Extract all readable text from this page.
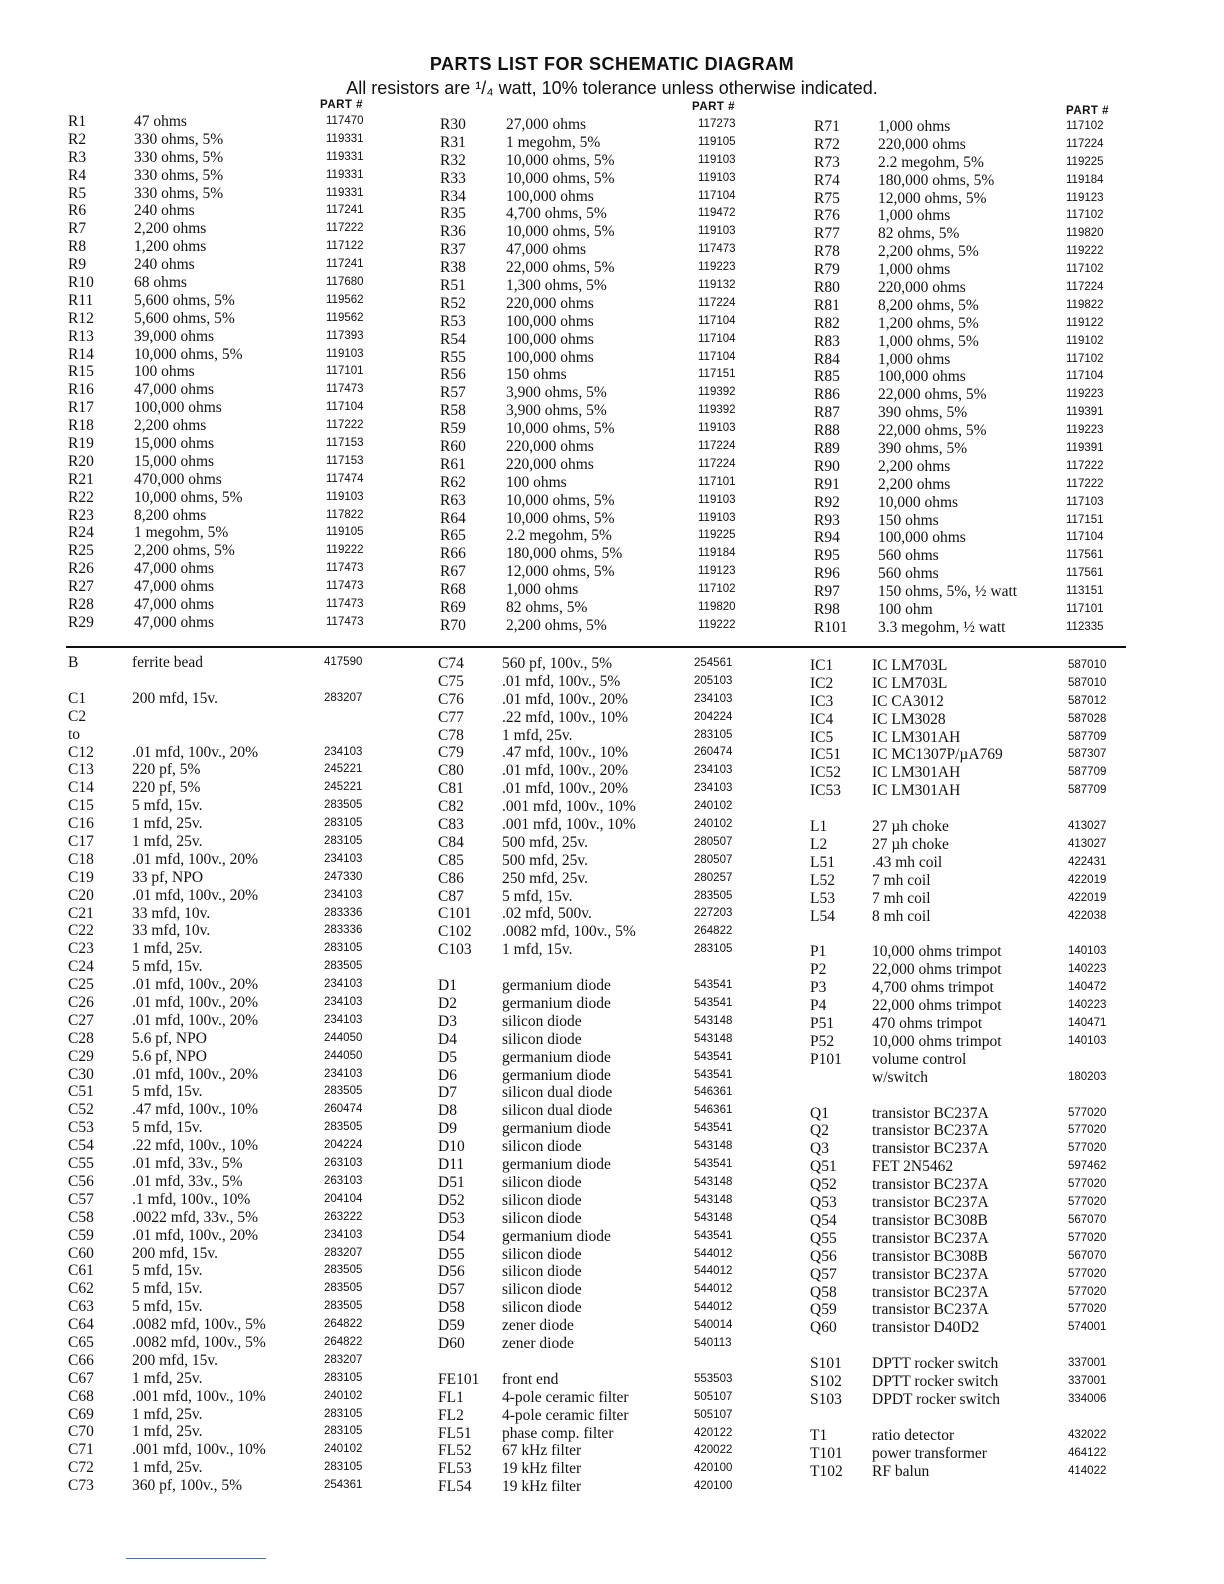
PARTS LIST FOR SCHEMATIC DIAGRAM
All resistors are ¹/₄ watt, 10% tolerance unless otherwise indicated.
PART #	PART #	PART #
R1	47 ohms	117470
R2	330 ohms, 5%	119331
R3	330 ohms, 5%	119331
R4	330 ohms, 5%	119331
R5	330 ohms, 5%	119331
R6	240 ohms	117241
R7	2,200 ohms	117222
R8	1,200 ohms	117122
R9	240 ohms	117241
R10	68 ohms	117680
R11	5,600 ohms, 5%	119562
R12	5,600 ohms, 5%	119562
R13	39,000 ohms	117393
R14	10,000 ohms, 5%	119103
R15	100 ohms	117101
R16	47,000 ohms	117473
R17	100,000 ohms	117104
R18	2,200 ohms	117222
R19	15,000 ohms	117153
R20	15,000 ohms	117153
R21	470,000 ohms	117474
R22	10,000 ohms, 5%	119103
R23	8,200 ohms	117822
R24	1 megohm, 5%	119105
R25	2,200 ohms, 5%	119222
R26	47,000 ohms	117473
R27	47,000 ohms	117473
R28	47,000 ohms	117473
R29	47,000 ohms	117473
R30	27,000 ohms	117273
R31	1 megohm, 5%	119105
R32	10,000 ohms, 5%	119103
R33	10,000 ohms, 5%	119103
R34	100,000 ohms	117104
R35	4,700 ohms, 5%	119472
R36	10,000 ohms, 5%	119103
R37	47,000 ohms	117473
R38	22,000 ohms, 5%	119223
R51	1,300 ohms, 5%	119132
R52	220,000 ohms	117224
R53	100,000 ohms	117104
R54	100,000 ohms	117104
R55	100,000 ohms	117104
R56	150 ohms	117151
R57	3,900 ohms, 5%	119392
R58	3,900 ohms, 5%	119392
R59	10,000 ohms, 5%	119103
R60	220,000 ohms	117224
R61	220,000 ohms	117224
R62	100 ohms	117101
R63	10,000 ohms, 5%	119103
R64	10,000 ohms, 5%	119103
R65	2.2 megohm, 5%	119225
R66	180,000 ohms, 5%	119184
R67	12,000 ohms, 5%	119123
R68	1,000 ohms	117102
R69	82 ohms, 5%	119820
R70	2,200 ohms, 5%	119222
R71 1,000 ohms	117102
R72 220,000 ohms	117224
R73 2.2 megohm, 5%	119225
R74 180,000 ohms, 5%	119184
R75 12,000 ohms, 5%	119123
R76 1,000 ohms	117102
R77 82 ohms, 5%	119820
R78 2,200 ohms, 5%	119222
R79 1,000 ohms	117102
R80 220,000 ohms	117224
R81 8,200 ohms, 5%	119822
R82 1,200 ohms, 5%	119122
R83 1,000 ohms, 5%	119102
R84 1,000 ohms	117102
R85 100,000 ohms	117104
R86 22,000 ohms, 5%	119223
R87 390 ohms, 5%	119391
R88 22,000 ohms, 5%	119223
R89 390 ohms, 5%	119391
R90 2,200 ohms	117222
R91 2,200 ohms	117222
R92 10,000 ohms	117103
R93 150 ohms	117151
R94 100,000 ohms	117104
R95 560 ohms	117561
R96 560 ohms	117561
R97 150 ohms, 5%, ½ watt	113151
R98 100 ohm	117101
R101 3.3 megohm, ½ watt	112335
B	ferrite bead	417590
C1	200 mfd, 15v.	283207
C2
to
C12 .01 mfd, 100v., 20%	234103
C13 220 pf, 5%	245221
C14 220 pf, 5%	245221
C15 5 mfd, 15v.	283505
C16 1 mfd, 25v.	283105
C17 1 mfd, 25v.	283105
C18 .01 mfd, 100v., 20%	234103
C19 33 pf, NPO	247330
C20 .01 mfd, 100v., 20%	234103
C21 33 mfd, 10v.	283336
C22 33 mfd, 10v.	283336
C23 1 mfd, 25v.	283105
C24 5 mfd, 15v.	283505
C25 .01 mfd, 100v., 20%	234103
C26 .01 mfd, 100v., 20%	234103
C27 .01 mfd, 100v., 20%	234103
C28 5.6 pf, NPO	244050
C29 5.6 pf, NPO	244050
C30 .01 mfd, 100v., 20%	234103
C51 5 mfd, 15v.	283505
C52 .47 mfd, 100v., 10%	260474
C53 5 mfd, 15v.	283505
C54 .22 mfd, 100v., 10%	204224
C55 .01 mfd, 33v., 5%	263103
C56 .01 mfd, 33v., 5%	263103
C57 .1 mfd, 100v., 10%	204104
C58 .0022 mfd, 33v., 5%	263222
C59 .01 mfd, 100v., 20%	234103
C60 200 mfd, 15v.	283207
C61 5 mfd, 15v.	283505
C62 5 mfd, 15v.	283505
C63 5 mfd, 15v.	283505
C64 .0082 mfd, 100v., 5%	264822
C65 .0082 mfd, 100v., 5%	264822
C66 200 mfd, 15v.	283207
C67 1 mfd, 25v.	283105
C68 .001 mfd, 100v., 10%	240102
C69 1 mfd, 25v.	283105
C70 1 mfd, 25v.	283105
C71 .001 mfd, 100v., 10%	240102
C72 1 mfd, 25v.	283105
C73 360 pf, 100v., 5%	254361
C74 560 pf, 100v., 5%	254561
C75 .01 mfd, 100v., 5%	205103
C76 .01 mfd, 100v., 20%	234103
C77 .22 mfd, 100v., 10%	204224
C78 1 mfd, 25v.	283105
C79 .47 mfd, 100v., 10%	260474
C80 .01 mfd, 100v., 20%	234103
C81 .01 mfd, 100v., 20%	234103
C82 .001 mfd, 100v., 10%	240102
C83 .001 mfd, 100v., 10%	240102
C84 500 mfd, 25v.	280507
C85 500 mfd, 25v.	280507
C86 250 mfd, 25v.	280257
C87 5 mfd, 15v.	283505
C101 .02 mfd, 500v.	227203
C102 .0082 mfd, 100v., 5%	264822
C103 1 mfd, 15v.	283105
D1	germanium diode	543541
D2	germanium diode	543541
D3	silicon diode	543148
D4	silicon diode	543148
D5	germanium diode	543541
D6	germanium diode	543541
D7	silicon dual diode	546361
D8	silicon dual diode	546361
D9	germanium diode	543541
D10 silicon diode	543148
D11 germanium diode	543541
D51 silicon diode	543148
D52 silicon diode	543148
D53 silicon diode	543148
D54 germanium diode	543541
D55 silicon diode	544012
D56 silicon diode	544012
D57 silicon diode	544012
D58 silicon diode	544012
D59 zener diode	540014
D60 zener diode	540113
FE101 front end	553503
FL1 4-pole ceramic filter	505107
FL2 4-pole ceramic filter	505107
FL51 phase comp. filter	420122
FL52 67 kHz filter	420022
FL53 19 kHz filter	420100
FL54 19 kHz filter	420100
IC1	IC LM703L	587010
IC2	IC LM703L	587010
IC3	IC CA3012	587012
IC4	IC LM3028	587028
IC5	IC LM301AH	587709
IC51 IC MC1307P/µA769	587307
IC52 IC LM301AH	587709
IC53 IC LM301AH	587709
L1	27 µh choke	413027
L2	27 µh choke	413027
L51 .43 mh coil	422431
L52 7 mh coil	422019
L53 7 mh coil	422019
L54 8 mh coil	422038
P1	10,000 ohms trimpot	140103
P2	22,000 ohms trimpot	140223
P3	4,700 ohms trimpot	140472
P4	22,000 ohms trimpot	140223
P51 470 ohms trimpot	140471
P52 10,000 ohms trimpot	140103
P101 volume control
w/switch	180203
Q1	transistor BC237A	577020
Q2	transistor BC237A	577020
Q3	transistor BC237A	577020
Q51 FET 2N5462	597462
Q52 transistor BC237A	577020
Q53 transistor BC237A	577020
Q54 transistor BC308B	567070
Q55 transistor BC237A	577020
Q56 transistor BC308B	567070
Q57 transistor BC237A	577020
Q58 transistor BC237A	577020
Q59 transistor BC237A	577020
Q60 transistor D40D2	574001
S101 DPTT rocker switch	337001
S102 DPTT rocker switch	337001
S103 DPDT rocker switch	334006
T1	ratio detector	432022
T101 power transformer	464122
T102 RF balun	414022
